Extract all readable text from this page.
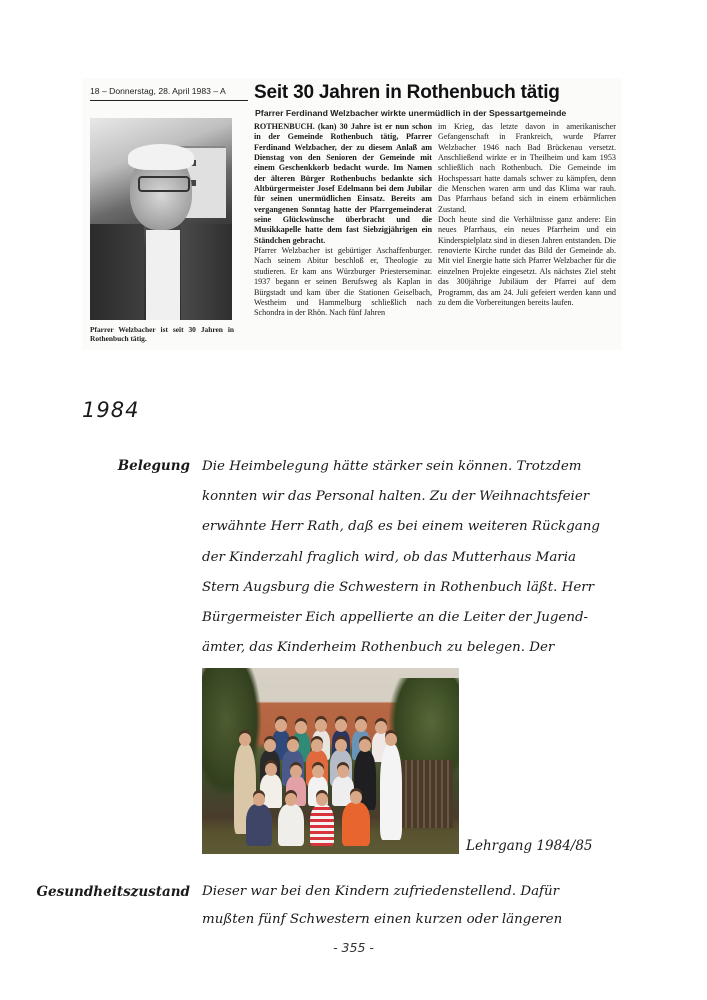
18 – Donnerstag, 28. April 1983 – A	Seit 30 Jahren in Rothenbuch tätig
Pfarrer Ferdinand Welzbacher wirkte unermüdlich in der Spessartgemeinde
Pfarrer Welzbacher ist seit 30 Jahren in Rothenbuch tätig.

ROTHENBUCH. (kan) 30 Jahre ist er nun schon in der Gemeinde Rothenbuch tätig, Pfarrer Ferdinand Welzbacher, der zu diesem Anlaß am Dienstag von den Senioren der Gemeinde mit einem Geschenkkorb bedacht wurde. Im Namen der älteren Bürger Rothenbuchs bedankte sich Altbürgermeister Josef Edelmann bei dem Jubilar für seinen unermüdlichen Einsatz. Bereits am vergangenen Sonntag hatte der Pfarrgemeinderat seine Glückwünsche überbracht und die Musikkapelle hatte dem fast Siebzigjährigen ein Ständchen gebracht.

Pfarrer Welzbacher ist gebürtiger Aschaffenburger. Nach seinem Abitur beschloß er, Theologie zu studieren. Er kam ans Würzburger Priesterseminar. 1937 begann er seinen Berufsweg als Kaplan in Bürgstadt und kam über die Stationen Geiselbach, Westheim und Hammelburg schließlich nach Schondra in der Rhön. Nach fünf Jahren

im Krieg, das letzte davon in amerikanischer Gefangenschaft in Frankreich, wurde Pfarrer Welzbacher 1946 nach Bad Brückenau versetzt. Anschließend wirkte er in Theilheim und kam 1953 schließlich nach Rothenbuch. Die Gemeinde im Hochspessart hatte damals schwer zu kämpfen, denn die Menschen waren arm und das Klima war rauh. Das Pfarrhaus befand sich in einem erbärmlichen Zustand.

Doch heute sind die Verhältnisse ganz andere: Ein neues Pfarrhaus, ein neues Pfarrheim und ein Kinderspielplatz sind in diesen Jahren entstanden. Die renovierte Kirche rundet das Bild der Gemeinde ab. Mit viel Energie hatte sich Pfarrer Welzbacher für die einzelnen Projekte eingesetzt. Als nächstes Ziel steht das 300jährige Jubiläum der Pfarrei auf dem Programm, das am 24. Juli gefeiert werden kann und zu dem die Vorbereitungen bereits laufen.

1984
Belegung Die Heimbelegung hätte stärker sein können. Trotzdem
konnten wir das Personal halten. Zu der Weihnachtsfeier
erwähnte Herr Rath, daß es bei einem weiteren Rückgang
der Kinderzahl fraglich wird, ob das Mutterhaus Maria
Stern Augsburg die Schwestern in Rothenbuch läßt. Herr
Bürgermeister Eich appellierte an die Leiter der Jugend-
ämter, das Kinderheim Rothenbuch zu belegen. Der
Lehrgang 1984/85
Gesundheitszustand Dieser war bei den Kindern zufriedenstellend. Dafür
mußten fünf Schwestern einen kurzen oder längeren
- 355 -
